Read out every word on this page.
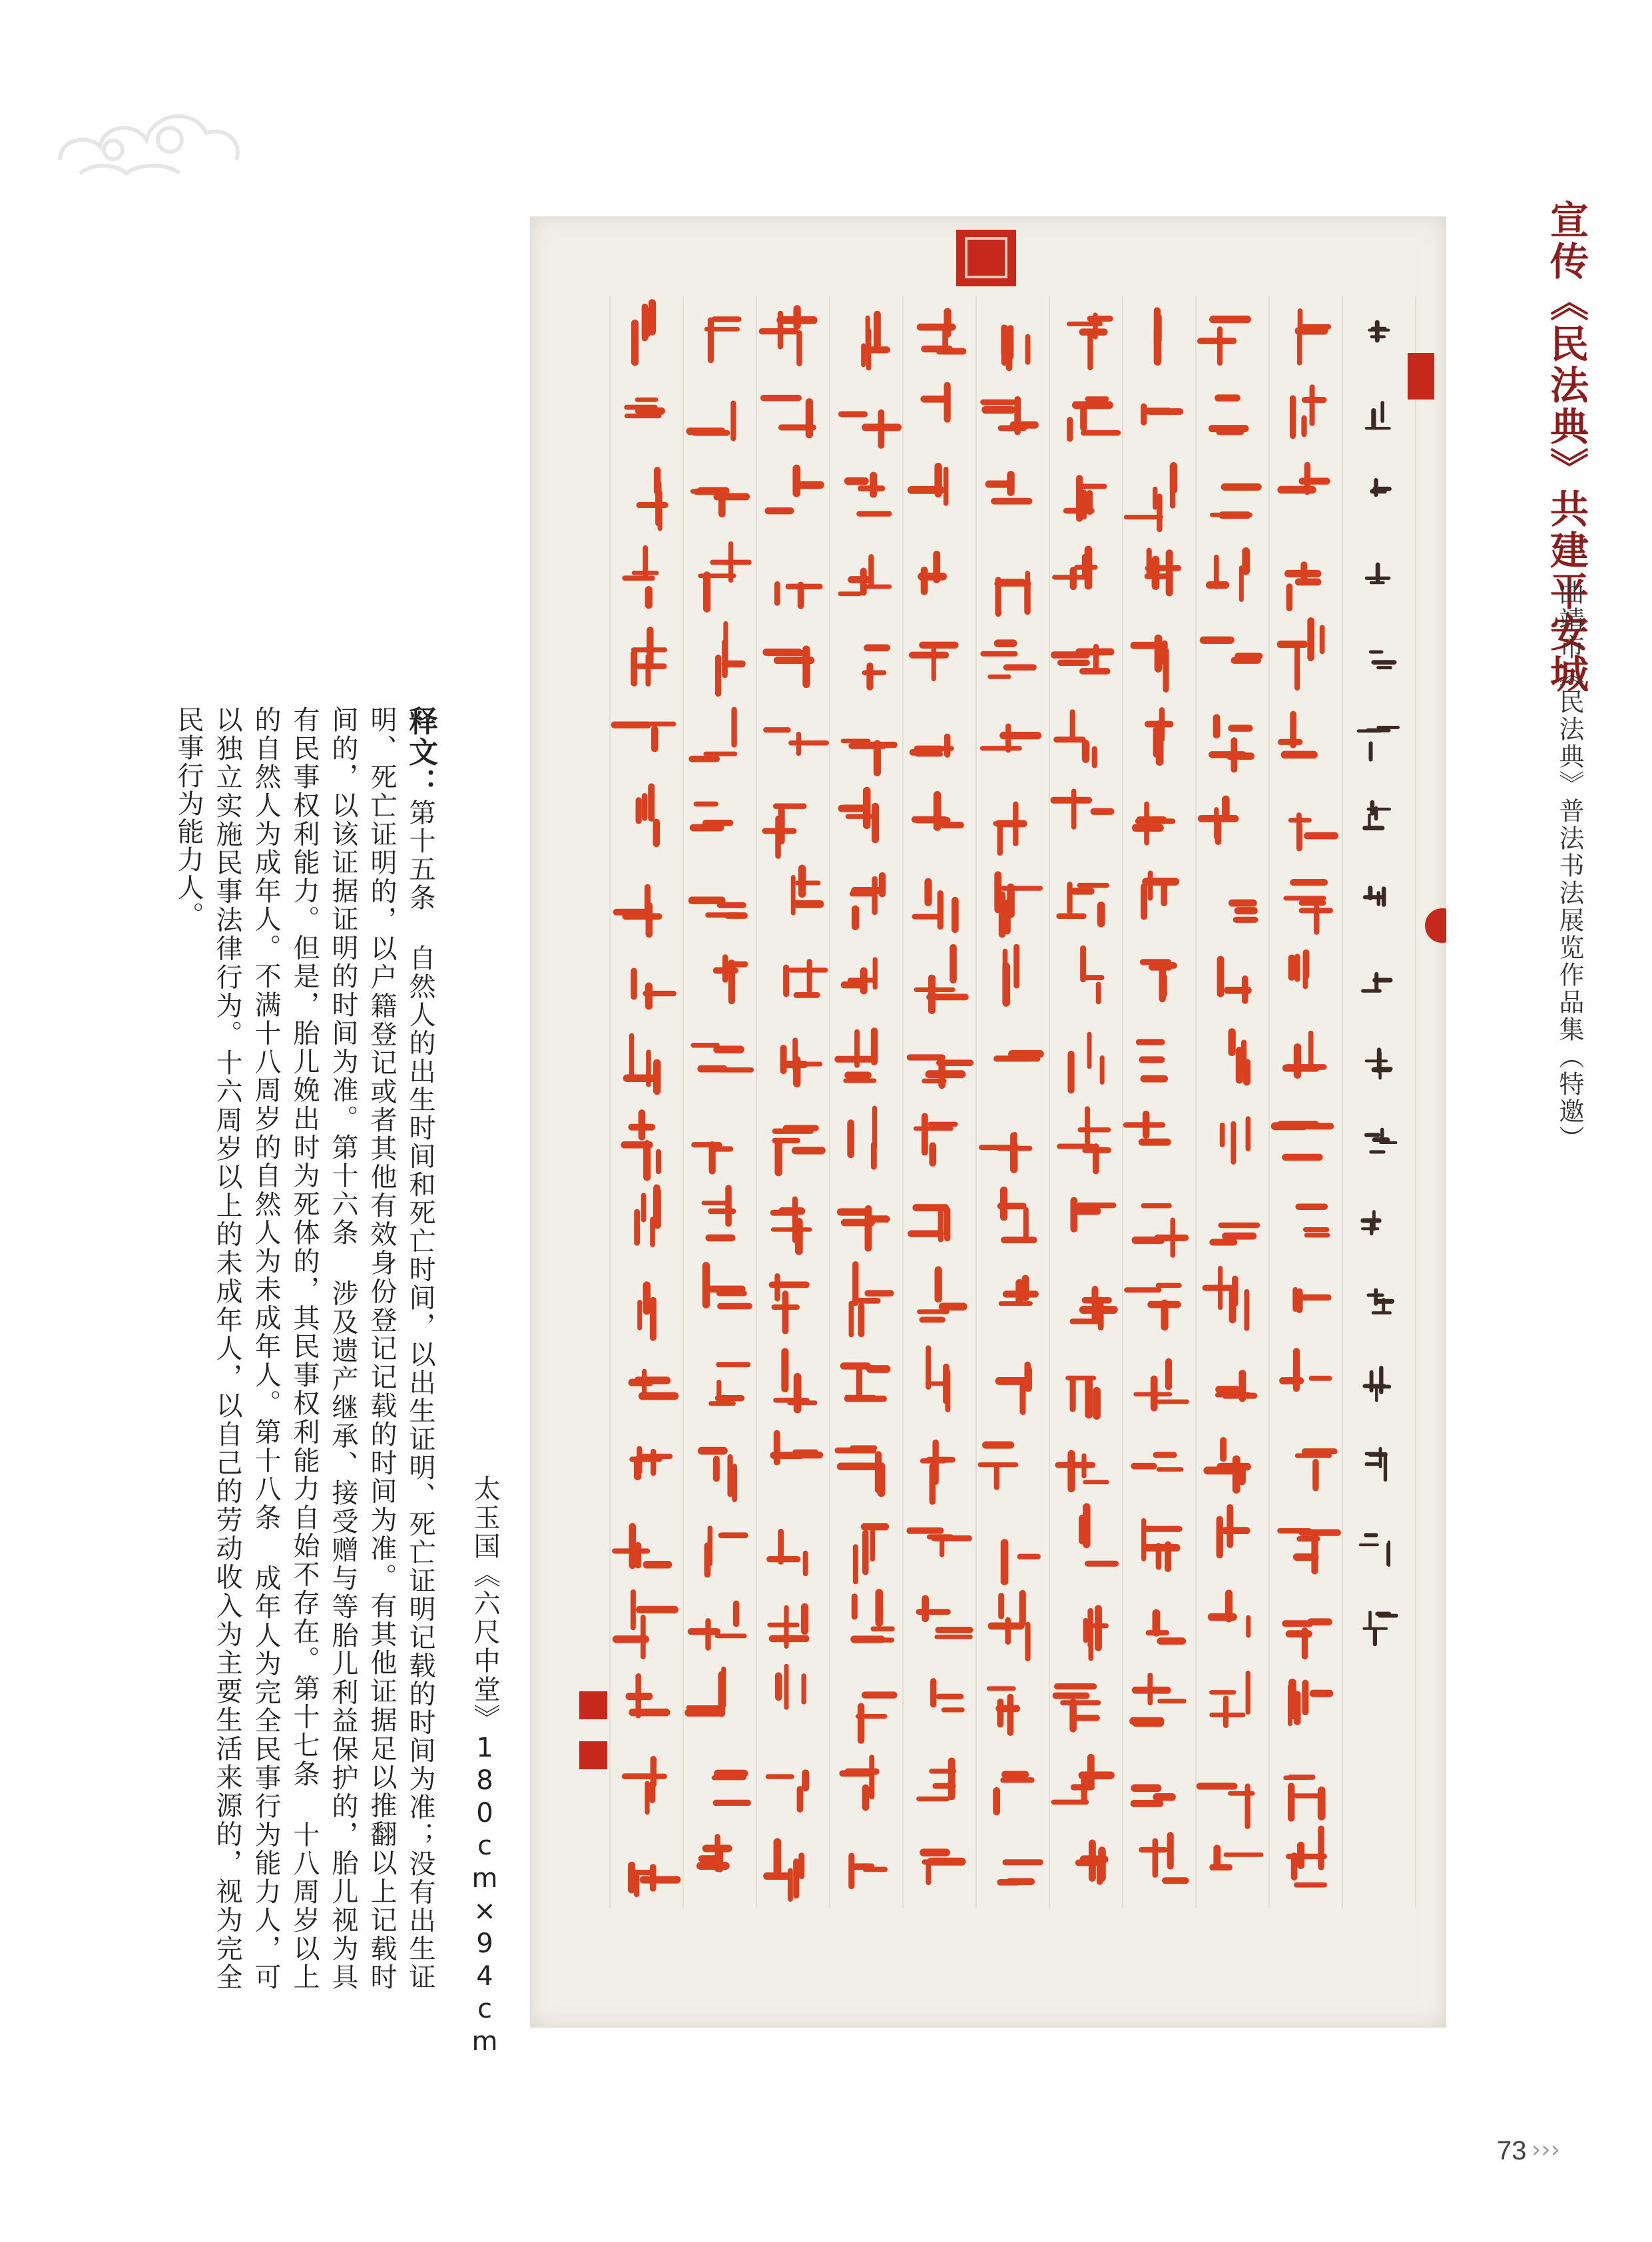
宣传《民法典》共建平安城
曲靖市《民法典》普法书法展览作品集（特邀）
太玉国《六尺中堂》180cm×94cm
释文：第十五条 自然人的出生时间和死亡时间，以出生证明、死亡证明记载的时间为准；没有出生证明、死亡证明的，以户籍登记或者其他有效身份登记记载的时间为准。有其他证据足以推翻以上记载时间的，以该证据证明的时间为准。第十六条 涉及遗产继承、接受赠与等胎儿利益保护的，胎儿视为具有民事权利能力。但是，胎儿娩出时为死体的，其民事权利能力自始不存在。第十七条 十八周岁以上的自然人为成年人。不满十八周岁的自然人为未成年人。第十八条 成年人为完全民事行为能力人，可以独立实施民事法律行为。十六周岁以上的未成年人，以自己的劳动收入为主要生活来源的，视为完全民事行为能力人。
73 ›››
